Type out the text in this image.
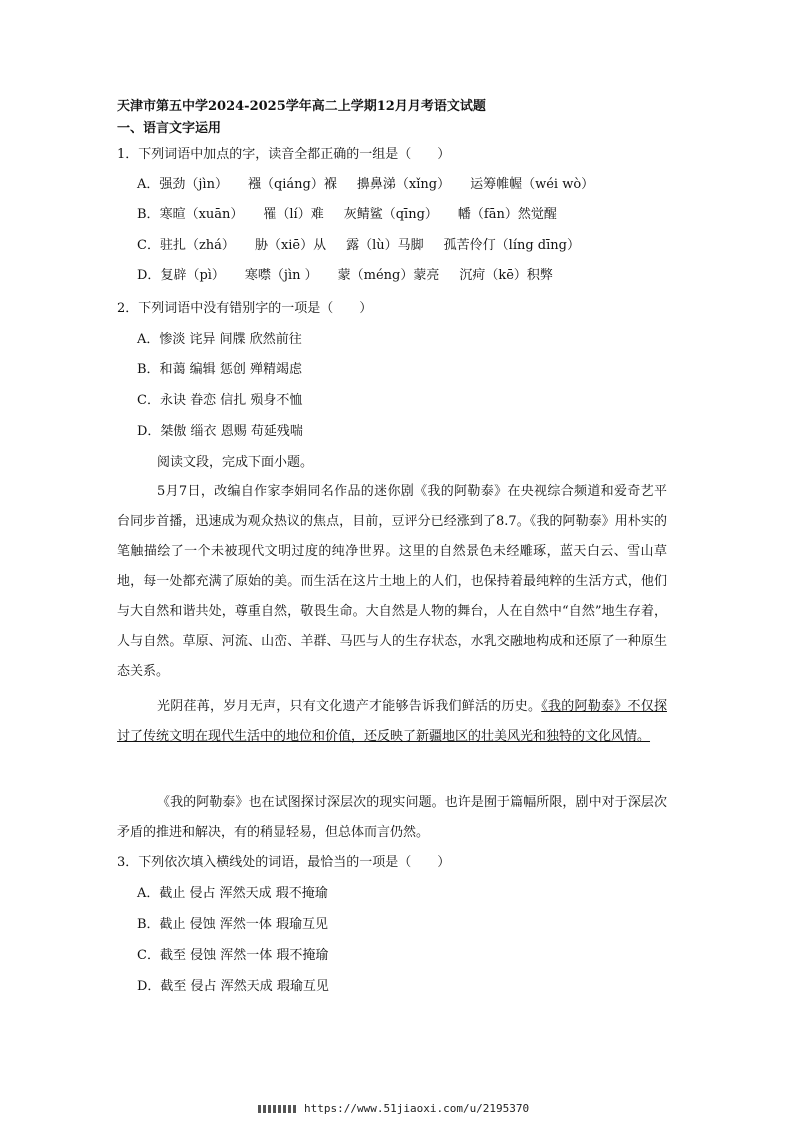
天津市第五中学2024-2025学年高二上学期12月月考语文试题
一、语言文字运用
1．下列词语中加点的字，读音全都正确的一组是（　　）
A．强劲（jìn） 襁（qiáng）褓 擤鼻涕（xǐng） 运筹帷幄（wéi wò）
B．寒暄（xuān） 罹（lí）难 灰鲭鲨（qīng） 幡（fān）然觉醒
C．驻扎（zhá） 胁（xiē）从 露（lù）马脚 孤苦伶仃（líng dīng）
D．复辟（pì） 寒噤（jìn ） 蒙（méng）蒙亮 沉疴（kē）积弊
2．下列词语中没有错别字的一项是（　　）
A．惨淡 诧异 间牒 欣然前往
B．和蔼 编辑 惩创 殚精竭虑
C．永诀 眷恋 信扎 殒身不恤
D．桀傲 缁衣 恩赐 苟延残喘
阅读文段，完成下面小题。
5月7日，改编自作家李娟同名作品的迷你剧《我的阿勒泰》在央视综合频道和爱奇艺平台同步首播，迅速成为观众热议的焦点，目前，豆评分已经涨到了8.7。《我的阿勒泰》用朴实的笔触描绘了一个未被现代文明过度的纯净世界。这里的自然景色未经雕琢，蓝天白云、雪山草地，每一处都充满了原始的美。而生活在这片土地上的人们，也保持着最纯粹的生活方式，他们与大自然和谐共处，尊重自然，敬畏生命。大自然是人物的舞台，人在自然中“自然”地生存着，人与自然。草原、河流、山峦、羊群、马匹与人的生存状态，水乳交融地构成和还原了一种原生态关系。
光阴荏苒，岁月无声，只有文化遗产才能够告诉我们鲜活的历史。《我的阿勒泰》不仅探讨了传统文明在现代生活中的地位和价值，还反映了新疆地区的壮美风光和独特的文化风情。
《我的阿勒泰》也在试图探讨深层次的现实问题。也许是囿于篇幅所限，剧中对于深层次矛盾的推进和解决，有的稍显轻易，但总体而言仍然。
3．下列依次填入横线处的词语，最恰当的一项是（　　）
A．截止 侵占 浑然天成 瑕不掩瑜
B．截止 侵蚀 浑然一体 瑕瑜互见
C．截至 侵蚀 浑然一体 瑕不掩瑜
D．截至 侵占 浑然天成 瑕瑜互见
https://www.51jiaoxi.com/u/2195370
